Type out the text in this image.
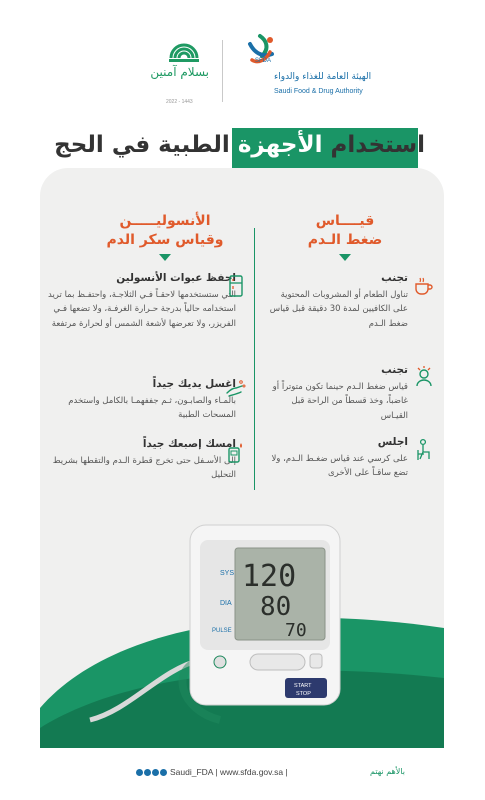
SFDA
الهيئة العامة للغذاء والدواء
Saudi Food & Drug Authority
بسلام آمنين
2022 - 1443
استخدام الأجهزة الطبية في الحج
قيــــاس
ضغط الـدم
الأنسوليـــــن
وقياس سكر الدم
تجنب

تناول الطعام أو المشروبات المحتوية على الكافيين لمدة 30 دقيقة قبل قياس ضغط الـدم

تجنب

قياس ضغط الـدم حينما تكون متوتراً أو غاضباً، وخذ قسطاً من الراحة قبل القيـاس

اجلس

على كرسي عند قياس ضغـط الـدم، ولا تضع ساقـاً على الأخرى

احفظ عبوات الأنسولين

التي ستستخدمها لاحقـاً فـي الثلاجـة، واحتفـظ بما تريد استخدامه حالياً بدرجة حـرارة الغرفـة، ولا تضعها فـي الفريزر، ولا تعرضها لأشعة الشمس أو لحرارة مرتفعة

اغسل يديك جيداً

بالمـاء والصابـون، ثـم جففهمـا بالكامل واستخدم المسحات الطبية

امسك إصبعك جيداً

إلى الأسـفل حتى تخرج قطرة الـدم والتقطها بشريط التحليل

SYS
DIA
PULSE
120
80
70
START
STOP
Saudi_FDA | www.sfda.gov.sa |	بالأهم نهتم
